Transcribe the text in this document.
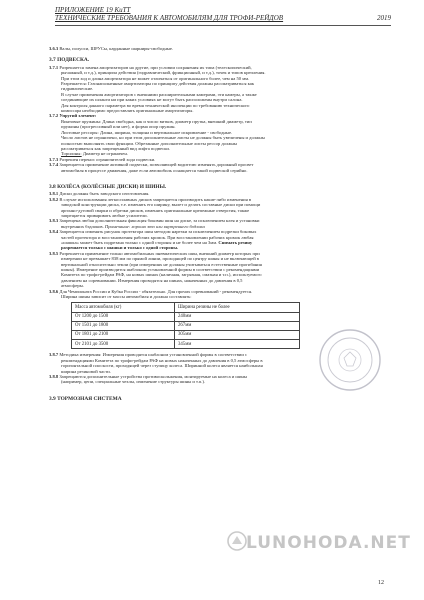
ПРИЛОЖЕНИЕ 19 КиТТ
ТЕХНИЧЕСКИЕ ТРЕБОВАНИЯ К АВТОМОБИЛЯМ ДЛЯ ТРОФИ-РЕЙДОВ	2019

3.6.3 Валы, полуоси, ШРУСы, карданные шарниры-свободные.

3.7 ПОДВЕСКА.

3.7.1 Разрешается замена амортизаторов на другие, при условии сохранения их типа (телескопический,

рычажный, и т.д.), принципа действия (гидравлический, фрикционный, и т.д.), точек и типов крепления.

При этом ход и длина амортизатора не может отличаться от оригинального более, чем на 50 мм.

Разрешается: Газонаполненные амортизаторы по принципу действия должны рассматриваться как

гидравлические.

В случае применения амортизаторов с внешними расширительными камерами, эти камеры, а также

соединяющие их шланги ни при каких условиях не могут быть расположены внутри салона.

Для контроля данного параметра во время технической инспекции по требованию технического

комиссара необходимо предоставлять оригинальные амортизаторы.

3.7.2 Упругий элемент:

Винтовые пружины: Длина свободна, как и число витков, диаметр прутка, внешний диаметр, тип

пружины (прогрессивный или нет), и форма опор пружин.

Листовые рессоры: Длина, ширина, толщина и вертикальное искривление - свободные.

Число листов не ограничено, но при этом дополнительные листы не должны быть увеличены и должны

полностью выполнять свои функции. Обрезанные дополнительные листы рессор должны

рассматриваться как запрещенный вид лифта подвески.

Торсионы: Диаметр не ограничен.

3.7.3 Разрешен перенос ограничителей хода подвески.

3.7.4 Запрещается применение активной подвески, позволяющей водителю изменять дорожный просвет

автомобиля в процессе движения, даже если автомобиль оснащается такой подвеской серийно.

3.8 КОЛЁСА (КОЛЁСНЫЕ ДИСКИ) И ШИНЫ.

3.8.1 Диски должны быть заводского изготовления.

3.8.2 В случае использования легкосплавных дисков запрещается производить какие-либо изменения в

заводской конструкции диска, т.е. изменять его ширину, вылет и делать составные диски при помощи

аргонно-дуговой сварки и обрезки дисков, изменять оригинальные крепежные отверстия, также

запрещается приваривать любые усилители.

3.8.3 Запрещена любая дополнительная фиксация боковин шин на диске, за исключением клея и установки

внутренних бэдлоков. Примечание: хорошо это или внутреннего бэдлока

3.8.4 Запрещается изменять рисунок протектора шин методом нарезки за исключением подрезки боковых

частей протектора и восстановления рабочих кромок. При восстановлении рабочих кромок любая

«шашка» может быть подрезана только с одной стороны и не более чем на 3мм. Снимать резину

разрешается только с шашки и только с одной стороны.

3.8.5 Разрешается применение только автомобильных пневматических шин, внешний диаметр которых при

измерении не превышает 838 мм по прямой линии, проходящей по центру шины и не включающей в

вертикальной относительно земли (при измерениях не должны учитываться естественные прогибания

шины). Измерение производится шаблоном установленной формы в соответствии с рекомендациями

Комитета по трофи-рейдам РАФ, на новых шинах (наличная, загрязная, смазная и т.п.), используемого

давлением на соревновании. Измерения проводятся на шинах, накаченных до давления в 0,5

атмосферы.

3.8.6 Для Чемпионата России и Кубка России - обязательно. Для прочих соревнований - рекомендуется.

Ширина шины зависит от массы автомобиля и должна составлять:

Масса автомобиля (кг)	Ширина резины не более
От 1200 до 1500	240мм
От 1501 до 1800	267мм
От 1801 до 2100	305мм
От 2101 до 3500	345мм

3.8.7 Методика измерения: Измерения проводятся шаблоном установленной формы в соответствии с

рекомендациями Комитета по трофи-рейдам РАФ на новых накаченных до давления в 0,5 атмосферы в

горизонтальной плоскости, проходящей через ступицу колеса. Ширинной колеса является наибольшая

ширина резиновой части.

3.8.8 Запрещаются дополнительные устройства противоскольжения, монтируемые на колеса и шины

(например, цепи, специальные чехлы, изменение структуры шины и т.п.).

3.9 ТОРМОЗНАЯ СИСТЕМА
LUNOHODA.NET
12
